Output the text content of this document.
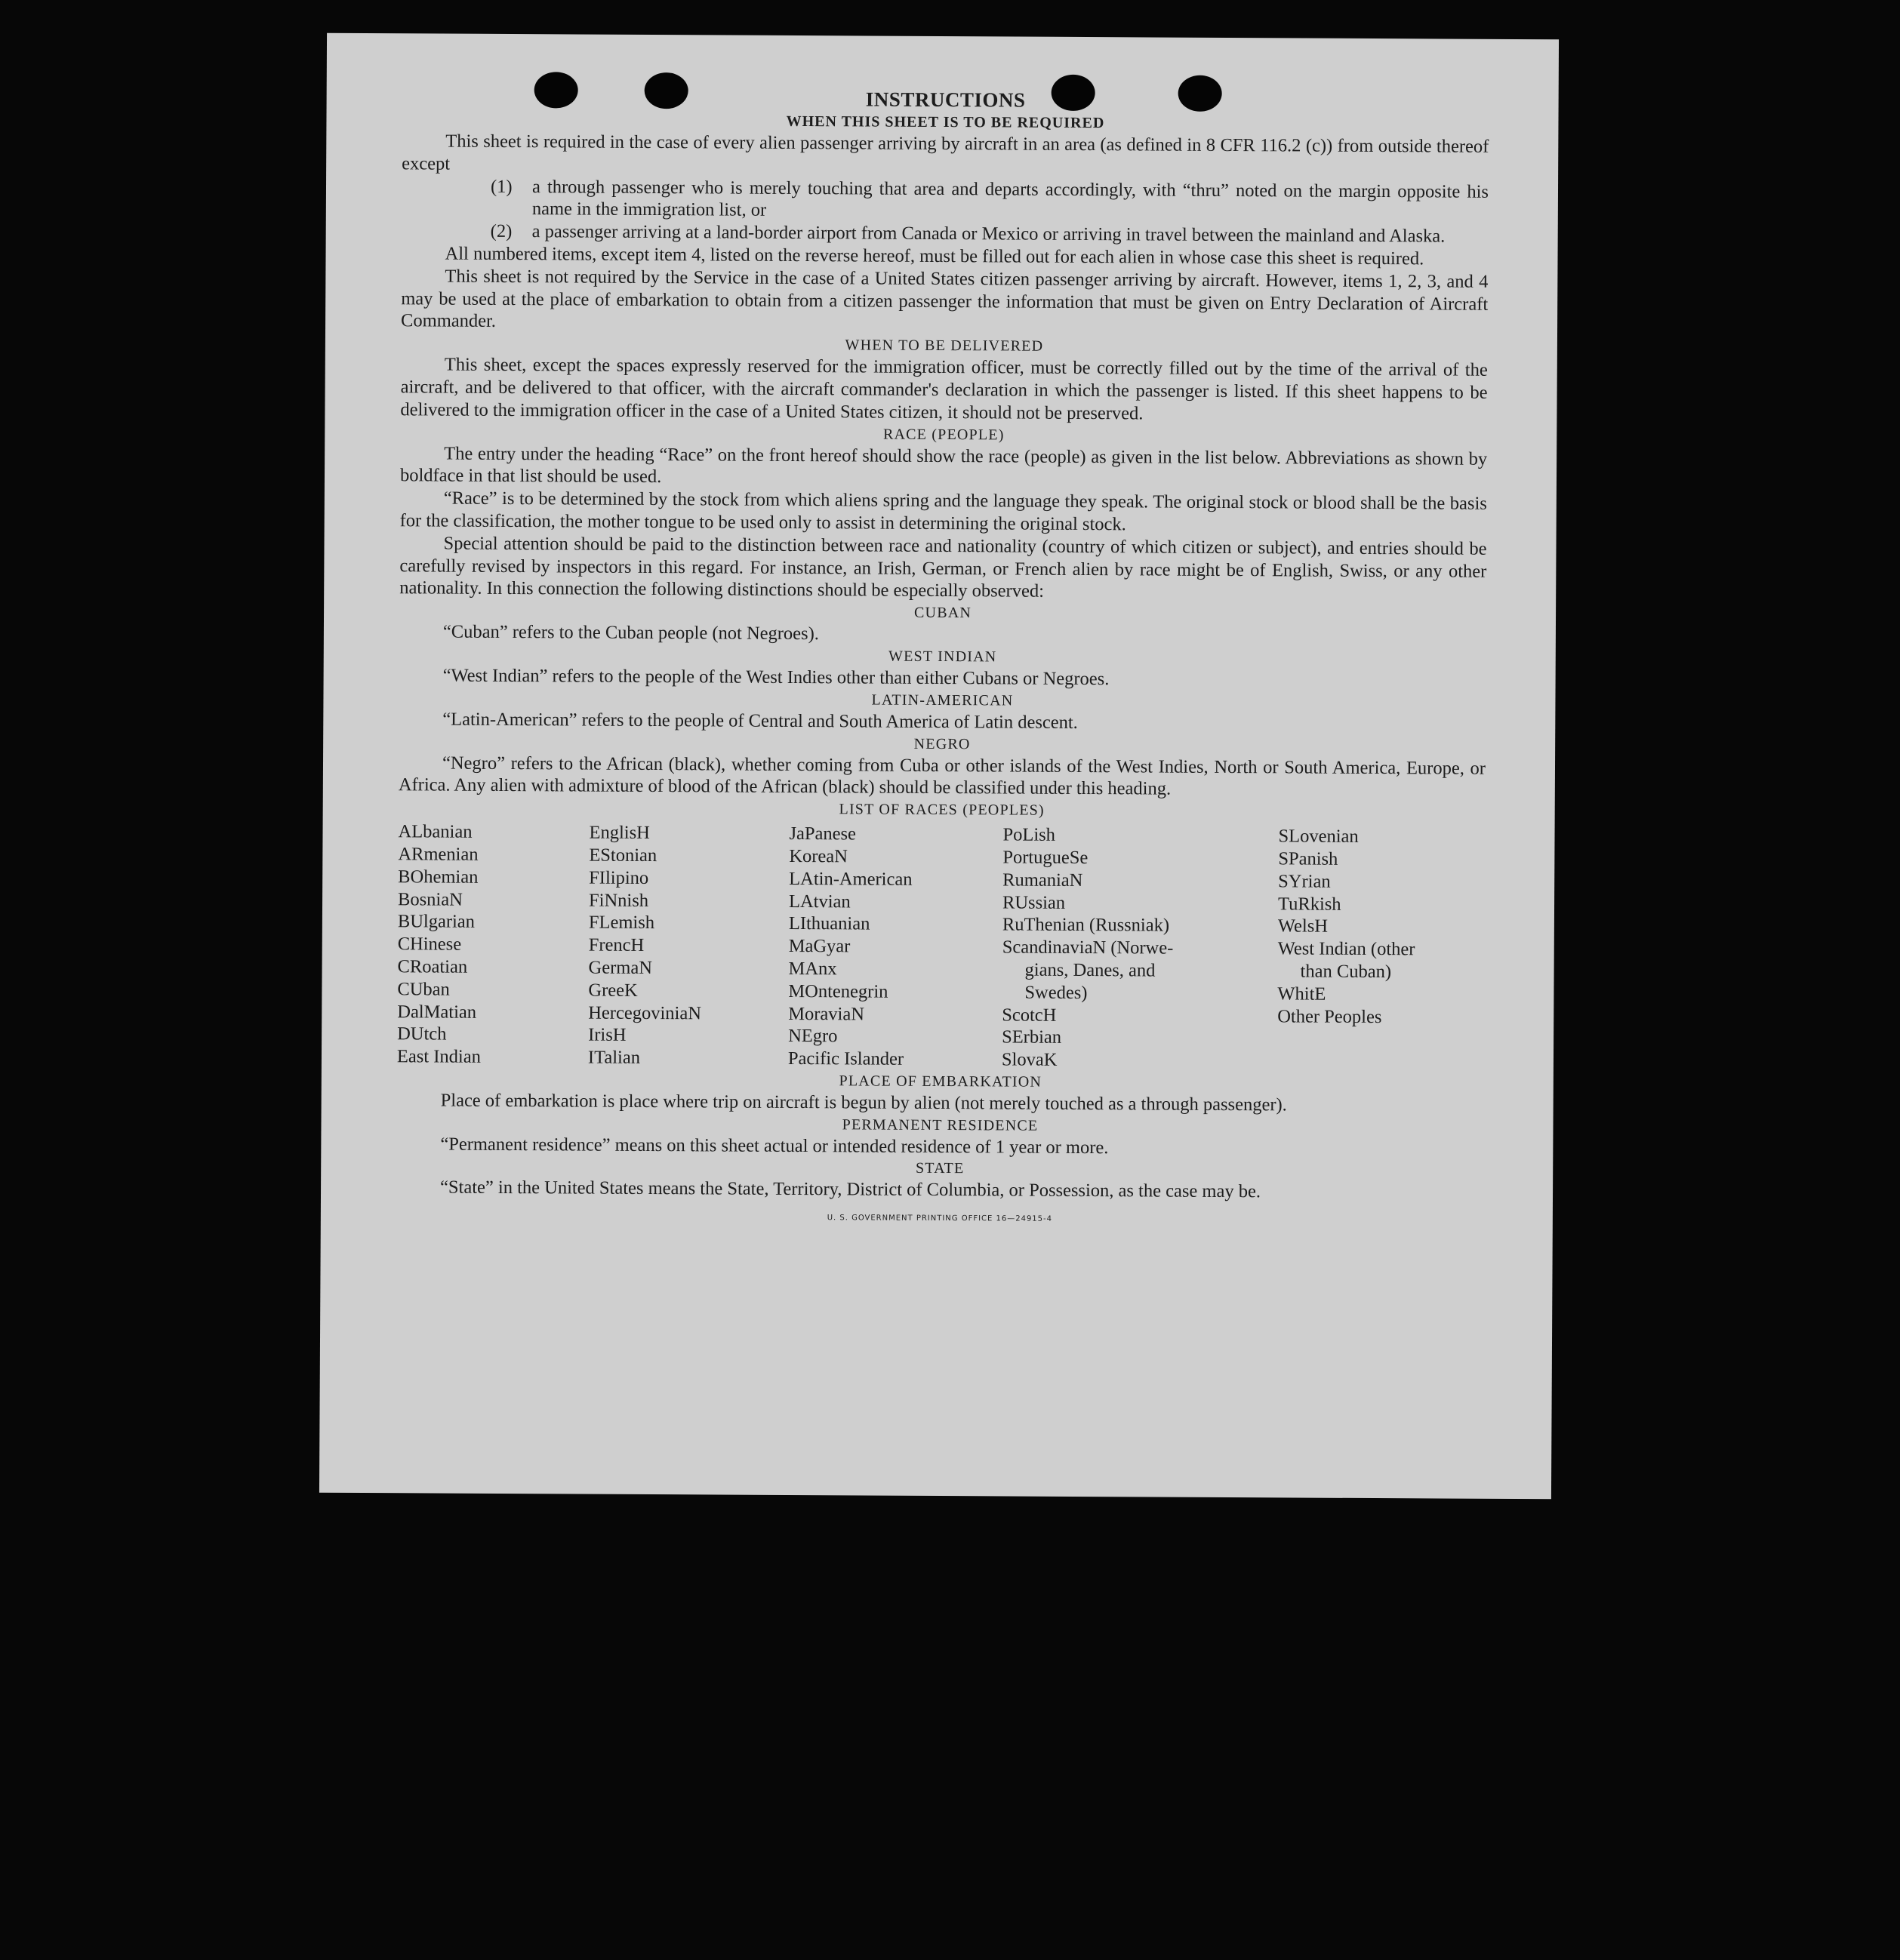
INSTRUCTIONS
WHEN THIS SHEET IS TO BE REQUIRED

This sheet is required in the case of every alien passenger arriving by aircraft in an area (as defined in 8 CFR 116.2 (c)) from outside thereof except

(1)	a through passenger who is merely touching that area and departs accordingly, with “thru” noted on the margin opposite his name in the immigration list, or
(2)	a passenger arriving at a land-border airport from Canada or Mexico or arriving in travel between the mainland and Alaska.

All numbered items, except item 4, listed on the reverse hereof, must be filled out for each alien in whose case this sheet is required.

This sheet is not required by the Service in the case of a United States citizen passenger arriving by aircraft. However, items 1, 2, 3, and 4 may be used at the place of embarkation to obtain from a citizen passenger the information that must be given on Entry Declaration of Aircraft Commander.

WHEN TO BE DELIVERED

This sheet, except the spaces expressly reserved for the immigration officer, must be correctly filled out by the time of the arrival of the aircraft, and be delivered to that officer, with the aircraft commander's declaration in which the passenger is listed. If this sheet happens to be delivered to the immigration officer in the case of a United States citizen, it should not be preserved.

RACE (PEOPLE)

The entry under the heading “Race” on the front hereof should show the race (people) as given in the list below. Abbreviations as shown by boldface in that list should be used.

“Race” is to be determined by the stock from which aliens spring and the language they speak. The original stock or blood shall be the basis for the classification, the mother tongue to be used only to assist in determining the original stock.

Special attention should be paid to the distinction between race and nationality (country of which citizen or subject), and entries should be carefully revised by inspectors in this regard. For instance, an Irish, German, or French alien by race might be of English, Swiss, or any other nationality. In this connection the following distinctions should be especially observed:

CUBAN

“Cuban” refers to the Cuban people (not Negroes).

WEST INDIAN

“West Indian” refers to the people of the West Indies other than either Cubans or Negroes.

LATIN-AMERICAN

“Latin-American” refers to the people of Central and South America of Latin descent.

NEGRO

“Negro” refers to the African (black), whether coming from Cuba or other islands of the West Indies, North or South America, Europe, or Africa. Any alien with admixture of blood of the African (black) should be classified under this heading.

LIST OF RACES (PEOPLES)
ALbanian
ARmenian
BOhemian
BosniaN
BUlgarian
CHinese
CRoatian
CUban
DalMatian
DUtch
East Indian
EnglisH
EStonian
FIlipino
FiNnish
FLemish
FrencH
GermaN
GreeK
HercegoviniaN
IrisH
ITalian
JaPanese
KoreaN
LAtin-American
LAtvian
LIthuanian
MaGyar
MAnx
MOntenegrin
MoraviaN
NEgro
Pacific Islander
PoLish
PortugueSe
RumaniaN
RUssian
RuThenian (Russniak)
ScandinaviaN (Norwe-
gians, Danes, and
Swedes)
ScotcH
SErbian
SlovaK
SLovenian
SPanish
SYrian
TuRkish
WelsH
West Indian (other
than Cuban)
WhitE
Other Peoples
PLACE OF EMBARKATION

Place of embarkation is place where trip on aircraft is begun by alien (not merely touched as a through passenger).

PERMANENT RESIDENCE

“Permanent residence” means on this sheet actual or intended residence of 1 year or more.

STATE

“State” in the United States means the State, Territory, District of Columbia, or Possession, as the case may be.

U. S. GOVERNMENT PRINTING OFFICE 16—24915-4
